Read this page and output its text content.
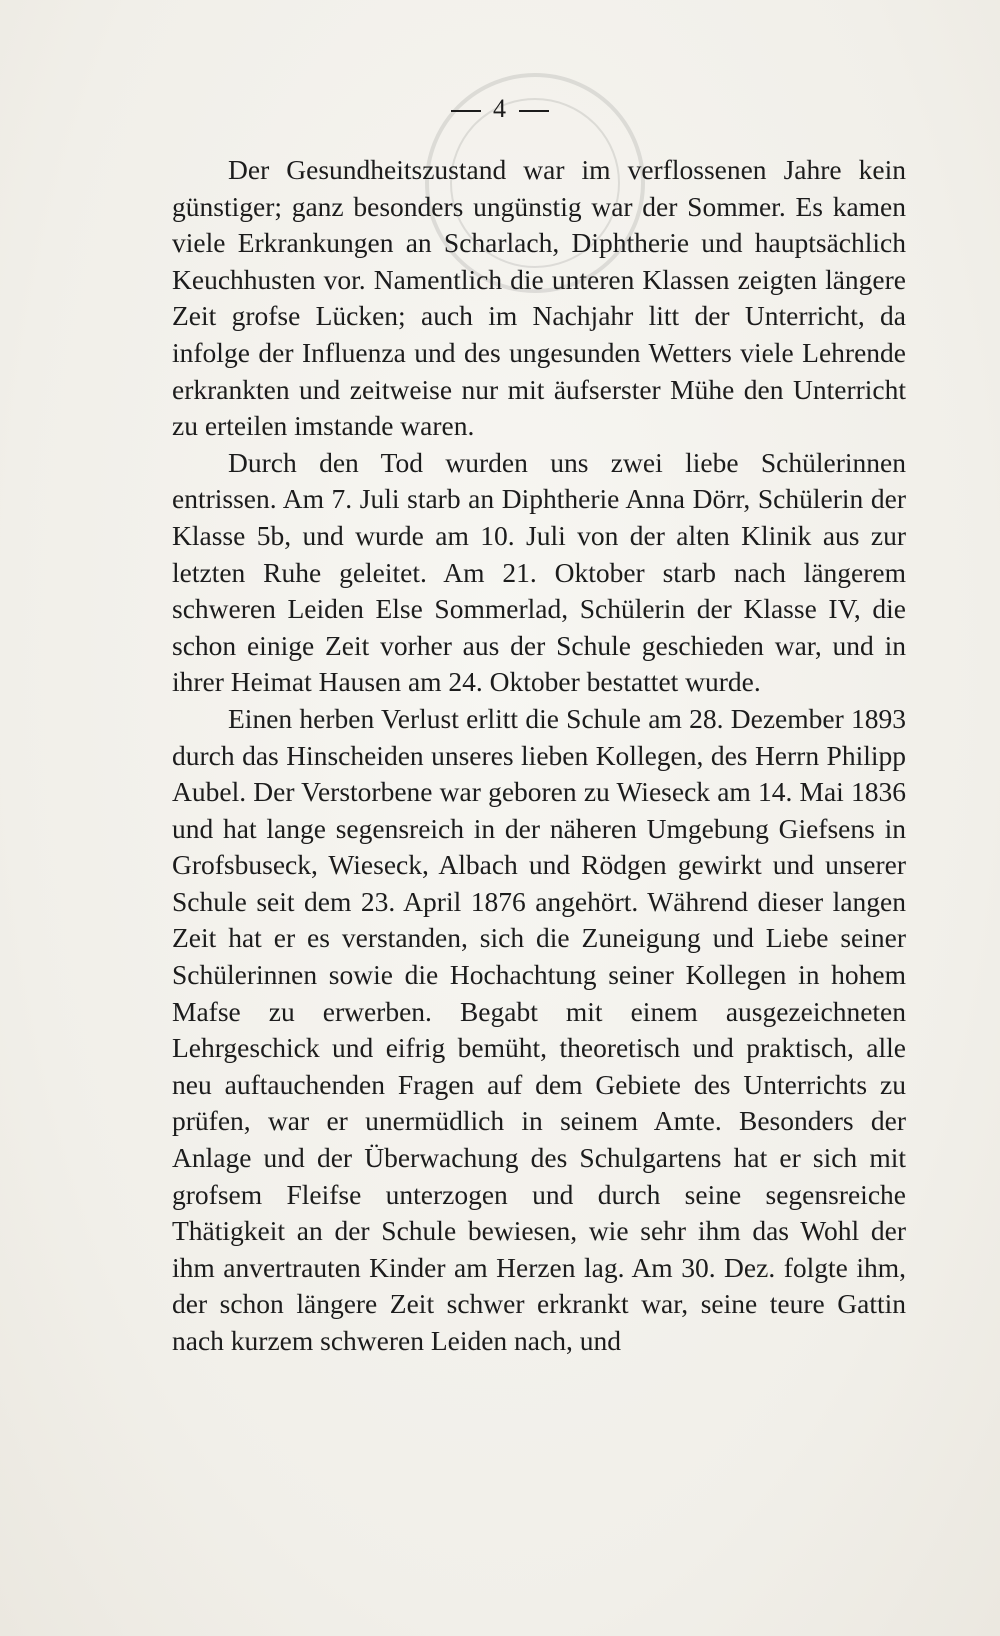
4

Der Gesundheitszustand war im verflossenen Jahre kein günstiger; ganz besonders ungünstig war der Sommer. Es kamen viele Erkrankungen an Scharlach, Diphtherie und hauptsächlich Keuchhusten vor. Namentlich die unteren Klassen zeigten längere Zeit grofse Lücken; auch im Nachjahr litt der Unterricht, da infolge der Influenza und des ungesunden Wetters viele Lehrende erkrankten und zeitweise nur mit äufserster Mühe den Unterricht zu erteilen imstande waren.

Durch den Tod wurden uns zwei liebe Schülerinnen entrissen. Am 7. Juli starb an Diphtherie Anna Dörr, Schülerin der Klasse 5b, und wurde am 10. Juli von der alten Klinik aus zur letzten Ruhe geleitet. Am 21. Oktober starb nach längerem schweren Leiden Else Sommerlad, Schülerin der Klasse IV, die schon einige Zeit vorher aus der Schule geschieden war, und in ihrer Heimat Hausen am 24. Oktober bestattet wurde.

Einen herben Verlust erlitt die Schule am 28. Dezember 1893 durch das Hinscheiden unseres lieben Kollegen, des Herrn Philipp Aubel. Der Verstorbene war geboren zu Wieseck am 14. Mai 1836 und hat lange segensreich in der näheren Umgebung Giefsens in Grofsbuseck, Wieseck, Albach und Rödgen gewirkt und unserer Schule seit dem 23. April 1876 angehört. Während dieser langen Zeit hat er es verstanden, sich die Zuneigung und Liebe seiner Schülerinnen sowie die Hochachtung seiner Kollegen in hohem Mafse zu erwerben. Begabt mit einem ausgezeichneten Lehrgeschick und eifrig bemüht, theoretisch und praktisch, alle neu auftauchenden Fragen auf dem Gebiete des Unterrichts zu prüfen, war er unermüdlich in seinem Amte. Besonders der Anlage und der Überwachung des Schulgartens hat er sich mit grofsem Fleifse unterzogen und durch seine segensreiche Thätigkeit an der Schule bewiesen, wie sehr ihm das Wohl der ihm anvertrauten Kinder am Herzen lag. Am 30. Dez. folgte ihm, der schon längere Zeit schwer erkrankt war, seine teure Gattin nach kurzem schweren Leiden nach, und
